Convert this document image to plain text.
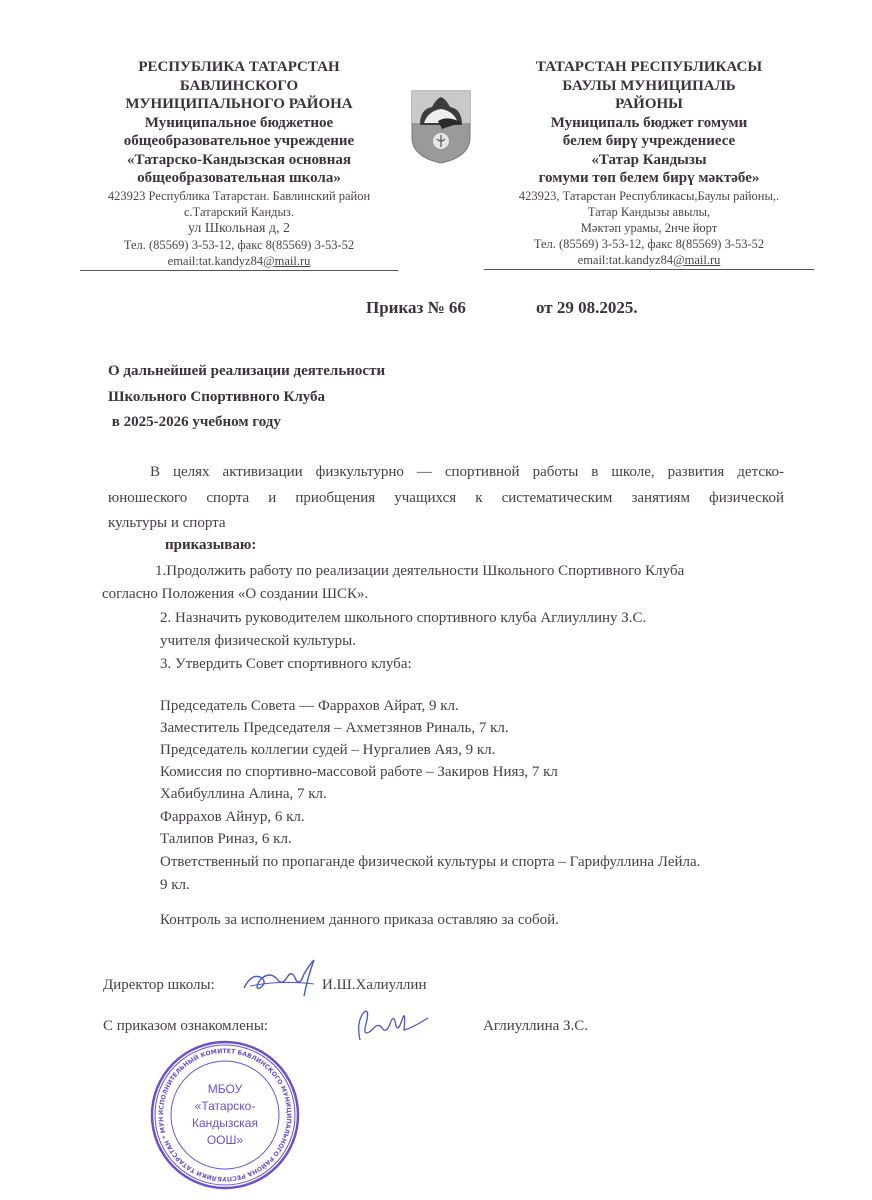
РЕСПУБЛИКА ТАТАРСТАН
БАВЛИНСКОГО
МУНИЦИПАЛЬНОГО РАЙОНА
Муниципальное бюджетное
общеобразовательное учреждение
«Татарско-Кандызская основная
общеобразовательная школа»
423923 Республика Татарстан. Бавлинский район
с.Татарский Кандыз.
ул Школьная д, 2
Тел. (85569) 3-53-12, факс 8(85569) 3-53-52
email:tat.kandyz84@mail.ru
ТАТАРСТАН РЕСПУБЛИКАСЫ
БАУЛЫ МУНИЦИПАЛЬ
РАЙОНЫ
Муниципаль бюджет гомуми
белем бирү учреждениесе
«Татар Кандызы
гомуми төп белем бирү мәктәбе»
423923, Татарстан Республикасы,Баулы районы,.
Татар Кандызы авылы,
Мәктәп урамы, 2нче йорт
Тел. (85569) 3-53-12, факс 8(85569) 3-53-52
email:tat.kandyz84@mail.ru
Приказ № 66	от 29 08.2025.
О дальнейшей реализации деятельности
Школьного Спортивного Клуба
в 2025-2026 учебном году
В целях активизации физкультурно — спортивной работы в школе, развития детско-
юношеского спорта и приобщения учащихся к систематическим занятиям физической
культуры и спорта
приказываю:
1.Продолжить работу по реализации деятельности Школьного Спортивного Клуба
согласно Положения «О создании ШСК».
2. Назначить руководителем школьного спортивного клуба Аглиуллину З.С.
учителя физической культуры.
3. Утвердить Совет спортивного клуба:
Председатель Совета — Фаррахов Айрат, 9 кл.
Заместитель Председателя – Ахметзянов Риналь, 7 кл.
Председатель коллегии судей – Нургалиев Аяз, 9 кл.
Комиссия по спортивно-массовой работе – Закиров Нияз, 7 кл
Хабибуллина Алина, 7 кл.
Фаррахов Айнур, 6 кл.
Талипов Риназ, 6 кл.
Ответственный по пропаганде физической культуры и спорта – Гарифуллина Лейла.
9 кл.
Контроль за исполнением данного приказа оставляю за собой.
Директор школы:	И.Ш.Халиуллин
С приказом ознакомлены:	Аглиуллина З.С.
ИСПОЛНИТЕЛЬНЫЙ КОМИТЕТ БАВЛИНСКОГО МУНИЦИПАЛЬНОГО РАЙОНА РЕСПУБЛИКИ ТАТАРСТАН * МУН
МБОУ
«Татарско-
Кандызская
ООШ»
